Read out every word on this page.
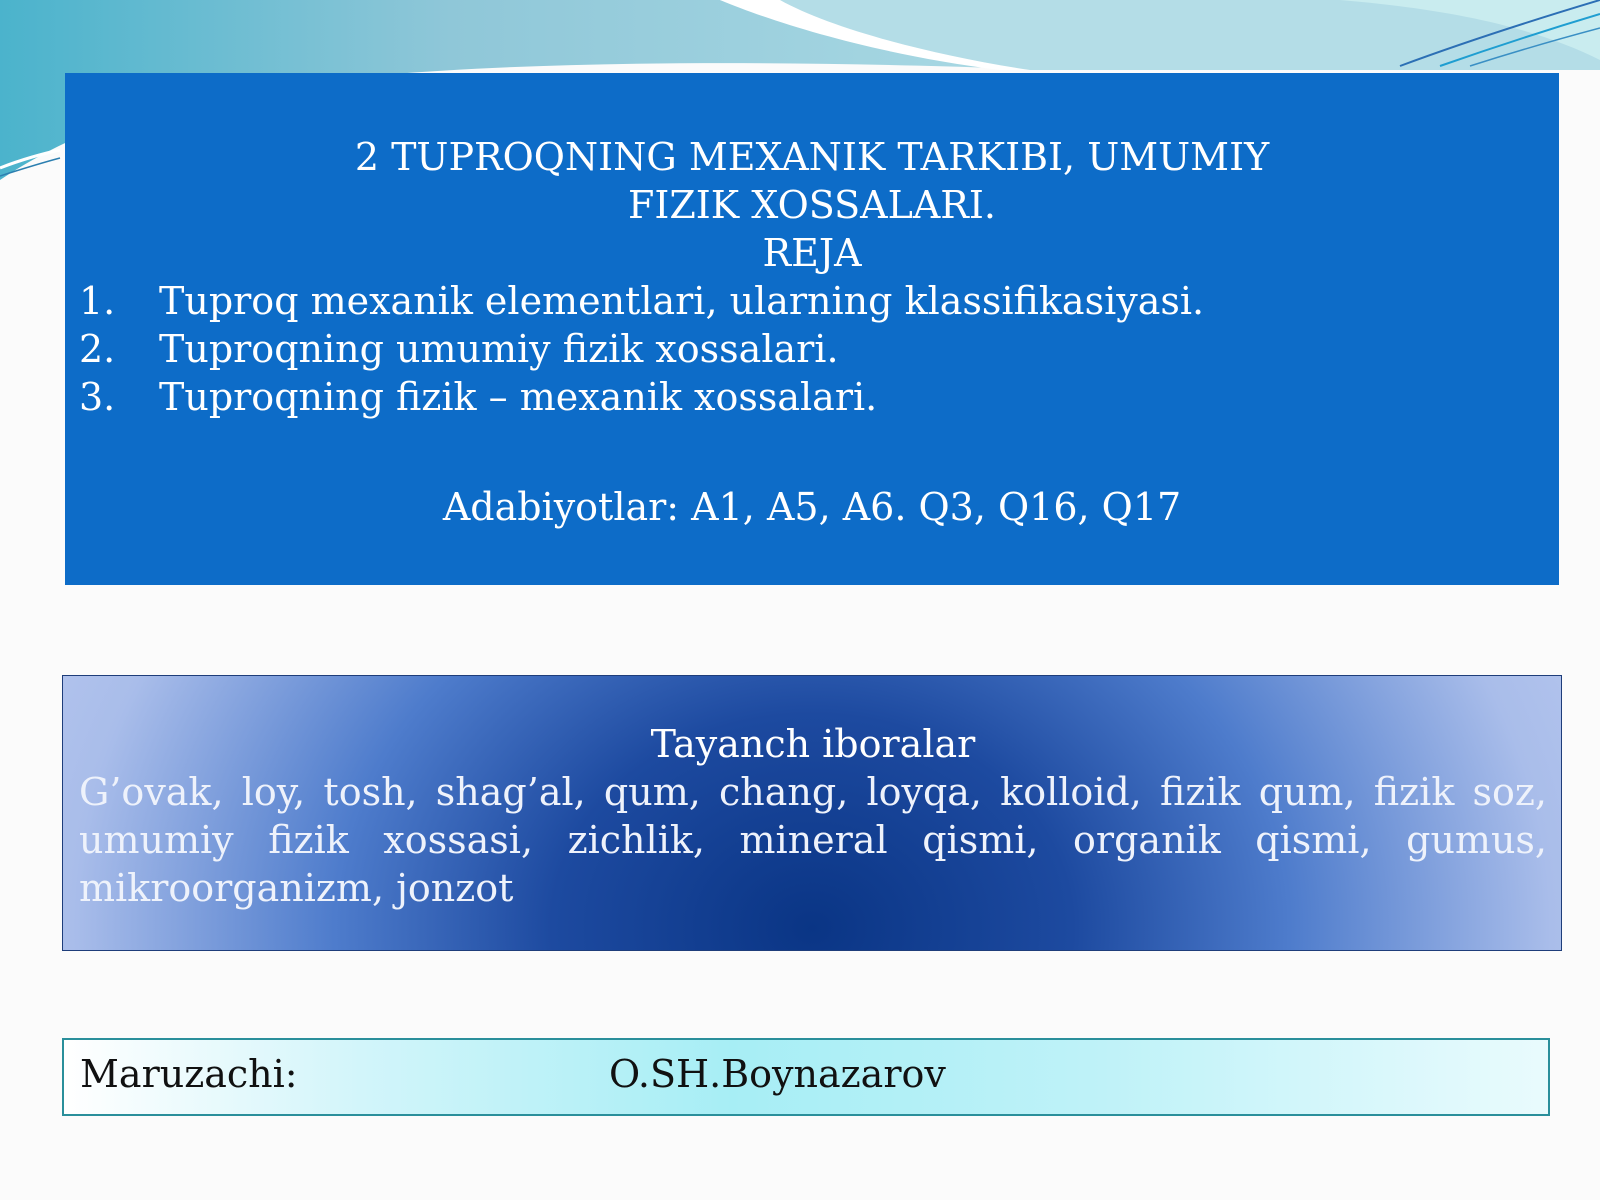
2 TUPROQNING MEXANIK TARKIBI, UMUMIY
FIZIK XOSSALARI.
REJA
1.	Tuproq mexanik elementlari, ularning klassifikasiyasi.
2.	Tuproqning umumiy fizik xossalari.
3.	Tuproqning fizik – mexanik xossalari.
Adabiyotlar: A1, A5, A6. Q3, Q16, Q17
Tayanch iboralar
G’ovak, loy, tosh, shag’al, qum, chang, loyqa, kolloid, fizik qum, fizik soz, umumiy fizik xossasi, zichlik, mineral qismi, organik qismi, gumus, mikroorganizm, jonzot
Maruzachi:	O.SH.Boynazarov
